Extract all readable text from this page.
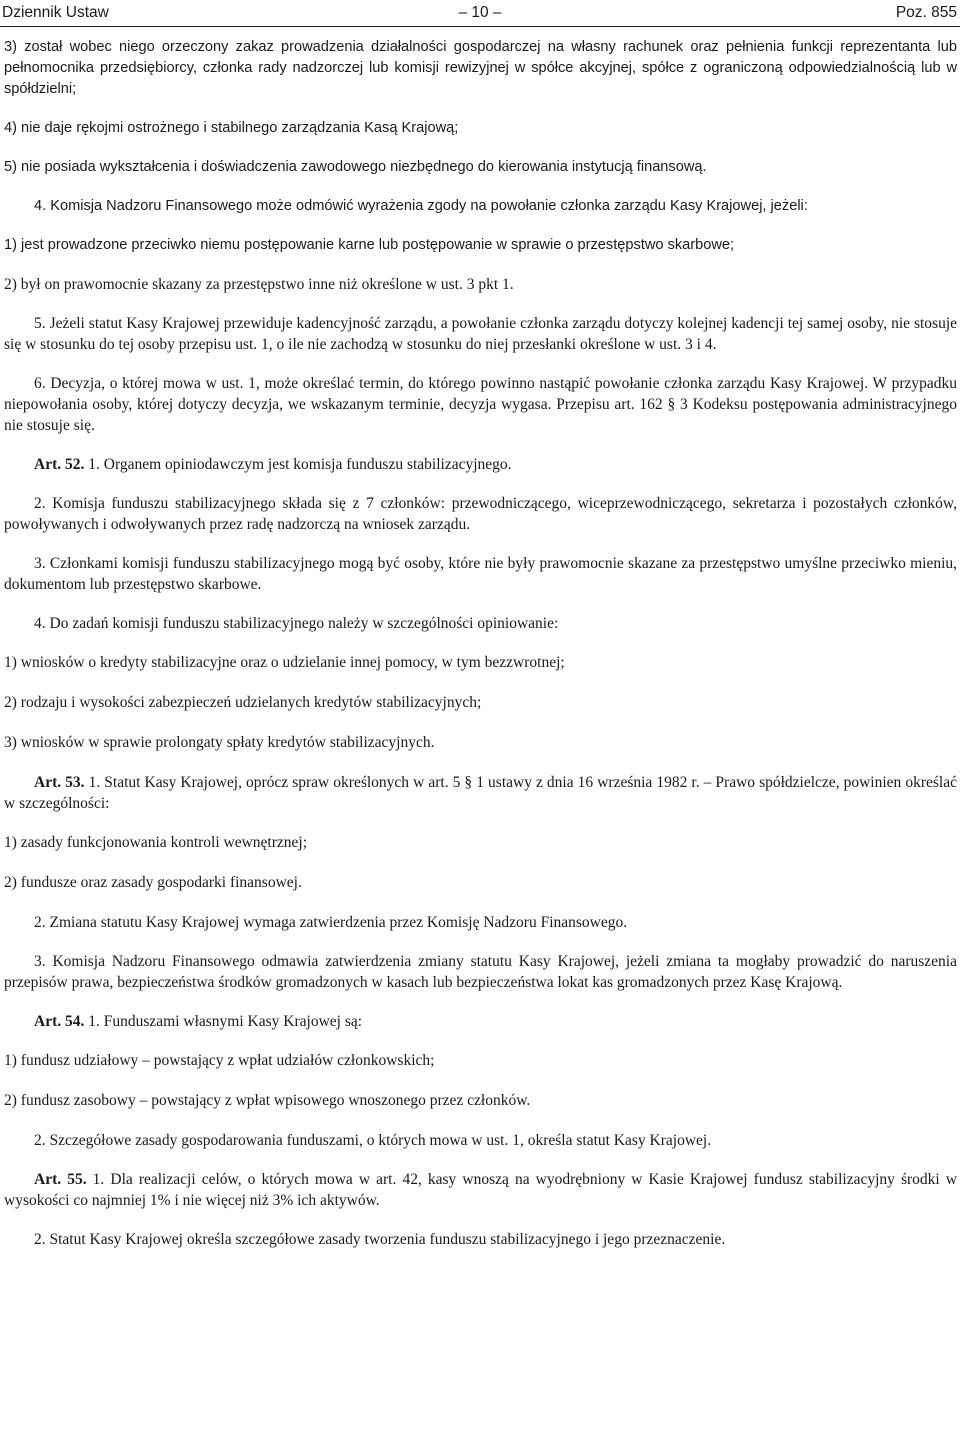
Dziennik Ustaw	– 10 –	Poz. 855

3) został wobec niego orzeczony zakaz prowadzenia działalności gospodarczej na własny rachunek oraz pełnienia funkcji reprezentanta lub pełnomocnika przedsiębiorcy, członka rady nadzorczej lub komisji rewizyjnej w spółce akcyjnej, spółce z ograniczoną odpowiedzialnością lub w spółdzielni;

4) nie daje rękojmi ostrożnego i stabilnego zarządzania Kasą Krajową;

5) nie posiada wykształcenia i doświadczenia zawodowego niezbędnego do kierowania instytucją finansową.

4. Komisja Nadzoru Finansowego może odmówić wyrażenia zgody na powołanie członka zarządu Kasy Krajowej, jeżeli:

1) jest prowadzone przeciwko niemu postępowanie karne lub postępowanie w sprawie o przestępstwo skarbowe;

2) był on prawomocnie skazany za przestępstwo inne niż określone w ust. 3 pkt 1.

5. Jeżeli statut Kasy Krajowej przewiduje kadencyjność zarządu, a powołanie członka zarządu dotyczy kolejnej kadencji tej samej osoby, nie stosuje się w stosunku do tej osoby przepisu ust. 1, o ile nie zachodzą w stosunku do niej przesłanki określone w ust. 3 i 4.

6. Decyzja, o której mowa w ust. 1, może określać termin, do którego powinno nastąpić powołanie członka zarządu Kasy Krajowej. W przypadku niepowołania osoby, której dotyczy decyzja, we wskazanym terminie, decyzja wygasa. Przepisu art. 162 § 3 Kodeksu postępowania administracyjnego nie stosuje się.

Art. 52. 1. Organem opiniodawczym jest komisja funduszu stabilizacyjnego.

2. Komisja funduszu stabilizacyjnego składa się z 7 członków: przewodniczącego, wiceprzewodniczącego, sekretarza i pozostałych członków, powoływanych i odwoływanych przez radę nadzorczą na wniosek zarządu.

3. Członkami komisji funduszu stabilizacyjnego mogą być osoby, które nie były prawomocnie skazane za przestępstwo umyślne przeciwko mieniu, dokumentom lub przestępstwo skarbowe.

4. Do zadań komisji funduszu stabilizacyjnego należy w szczególności opiniowanie:

1) wniosków o kredyty stabilizacyjne oraz o udzielanie innej pomocy, w tym bezzwrotnej;

2) rodzaju i wysokości zabezpieczeń udzielanych kredytów stabilizacyjnych;

3) wniosków w sprawie prolongaty spłaty kredytów stabilizacyjnych.

Art. 53. 1. Statut Kasy Krajowej, oprócz spraw określonych w art. 5 § 1 ustawy z dnia 16 września 1982 r. – Prawo spółdzielcze, powinien określać w szczególności:

1) zasady funkcjonowania kontroli wewnętrznej;

2) fundusze oraz zasady gospodarki finansowej.

2. Zmiana statutu Kasy Krajowej wymaga zatwierdzenia przez Komisję Nadzoru Finansowego.

3. Komisja Nadzoru Finansowego odmawia zatwierdzenia zmiany statutu Kasy Krajowej, jeżeli zmiana ta mogłaby prowadzić do naruszenia przepisów prawa, bezpieczeństwa środków gromadzonych w kasach lub bezpieczeństwa lokat kas gromadzonych przez Kasę Krajową.

Art. 54. 1. Funduszami własnymi Kasy Krajowej są:

1) fundusz udziałowy – powstający z wpłat udziałów członkowskich;

2) fundusz zasobowy – powstający z wpłat wpisowego wnoszonego przez członków.

2. Szczegółowe zasady gospodarowania funduszami, o których mowa w ust. 1, określa statut Kasy Krajowej.

Art. 55. 1. Dla realizacji celów, o których mowa w art. 42, kasy wnoszą na wyodrębniony w Kasie Krajowej fundusz stabilizacyjny środki w wysokości co najmniej 1% i nie więcej niż 3% ich aktywów.

2. Statut Kasy Krajowej określa szczegółowe zasady tworzenia funduszu stabilizacyjnego i jego przeznaczenie.
